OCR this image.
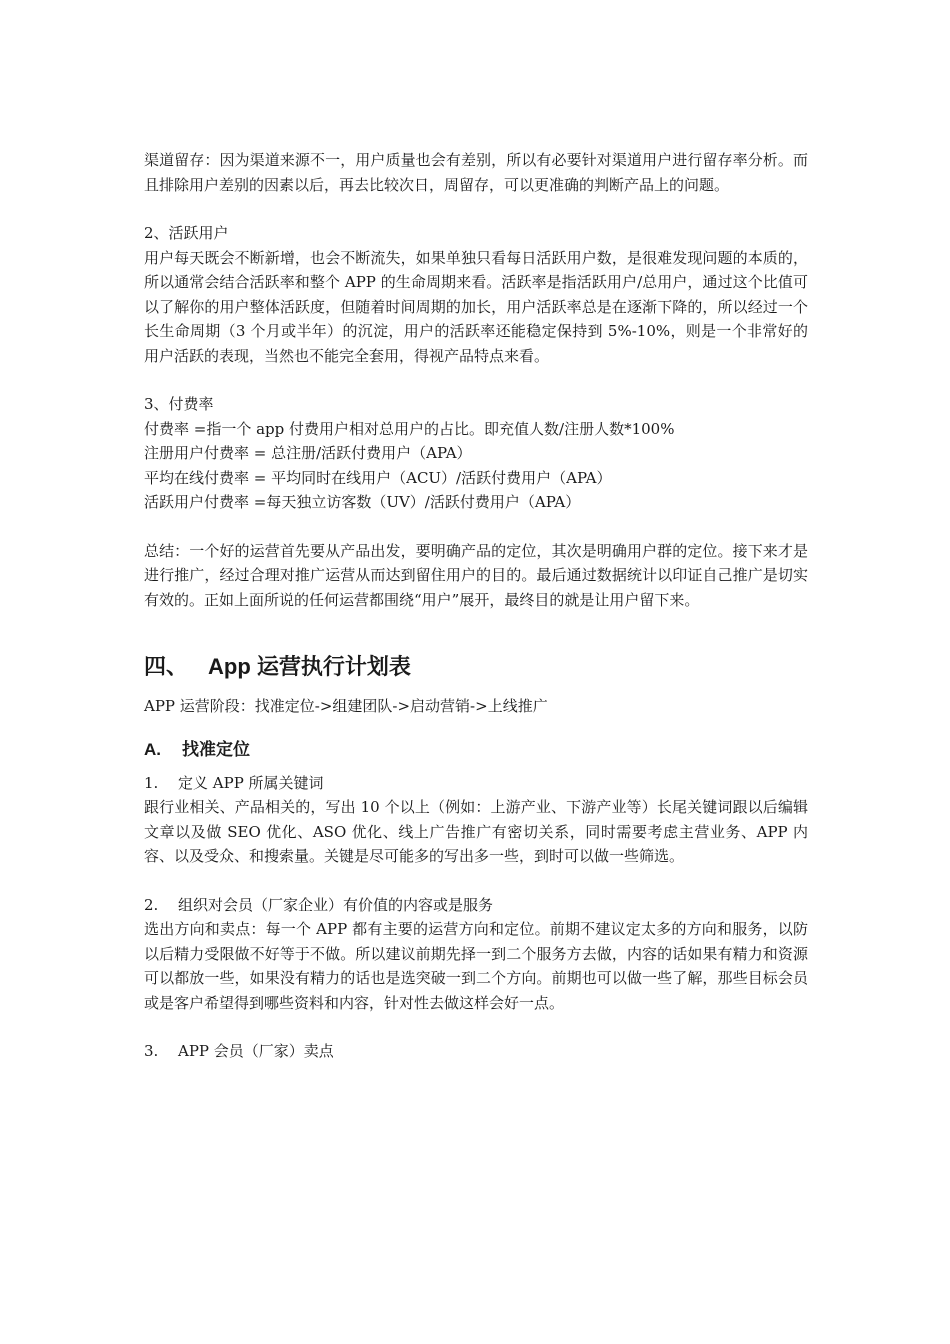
渠道留存：因为渠道来源不一，用户质量也会有差别，所以有必要针对渠道用户进行留存率分析。而且排除用户差别的因素以后，再去比较次日，周留存，可以更准确的判断产品上的问题。

2、活跃用户

用户每天既会不断新增，也会不断流失，如果单独只看每日活跃用户数，是很难发现问题的本质的，所以通常会结合活跃率和整个 APP 的生命周期来看。活跃率是指活跃用户/总用户，通过这个比值可以了解你的用户整体活跃度，但随着时间周期的加长，用户活跃率总是在逐渐下降的，所以经过一个长生命周期（3 个月或半年）的沉淀，用户的活跃率还能稳定保持到 5%-10%，则是一个非常好的用户活跃的表现，当然也不能完全套用，得视产品特点来看。

3、付费率

付费率 =指一个 app 付费用户相对总用户的占比。即充值人数/注册人数*100%

注册用户付费率 = 总注册/活跃付费用户（APA）

平均在线付费率 = 平均同时在线用户（ACU）/活跃付费用户（APA）

活跃用户付费率 =每天独立访客数（UV）/活跃付费用户（APA）

总结：一个好的运营首先要从产品出发，要明确产品的定位，其次是明确用户群的定位。接下来才是进行推广，经过合理对推广运营从而达到留住用户的目的。最后通过数据统计以印证自己推广是切实有效的。正如上面所说的任何运营都围绕“用户”展开，最终目的就是让用户留下来。

四、 App 运营执行计划表

APP 运营阶段：找准定位->组建团队->启动营销->上线推广

A.	找准定位
1.	定义 APP 所属关键词

跟行业相关、产品相关的，写出 10 个以上（例如：上游产业、下游产业等）长尾关键词跟以后编辑文章以及做 SEO 优化、ASO 优化、线上广告推广有密切关系，同时需要考虑主营业务、APP 内容、以及受众、和搜索量。关键是尽可能多的写出多一些，到时可以做一些筛选。

2.	组织对会员（厂家企业）有价值的内容或是服务

选出方向和卖点：每一个 APP 都有主要的运营方向和定位。前期不建议定太多的方向和服务，以防以后精力受限做不好等于不做。所以建议前期先择一到二个服务方去做，内容的话如果有精力和资源可以都放一些，如果没有精力的话也是选突破一到二个方向。前期也可以做一些了解，那些目标会员或是客户希望得到哪些资料和内容，针对性去做这样会好一点。

3.	APP 会员（厂家）卖点
